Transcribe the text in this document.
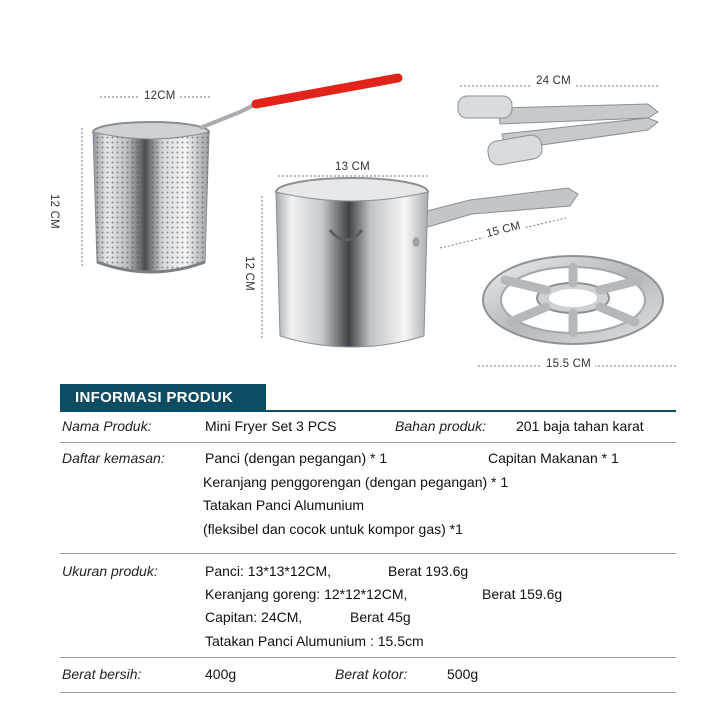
12CM
12 CM
13 CM
12 CM
15 CM
24 CM
15.5 CM
INFORMASI PRODUK
Nama Produk:	Mini Fryer Set 3 PCS	Bahan produk: 201 baja tahan karat
Daftar kemasan:	Panci (dengan pegangan) * 1	Capitan Makanan * 1
Keranjang penggorengan (dengan pegangan) * 1
Tatakan Panci Alumunium
(fleksibel dan cocok untuk kompor gas) *1
Ukuran produk:	Panci: 13*13*12CM,	Berat 193.6g
Keranjang goreng: 12*12*12CM,	Berat 159.6g
Capitan: 24CM,	Berat 45g
Tatakan Panci Alumunium : 15.5cm
Berat bersih:	400g	Berat kotor:	500g
